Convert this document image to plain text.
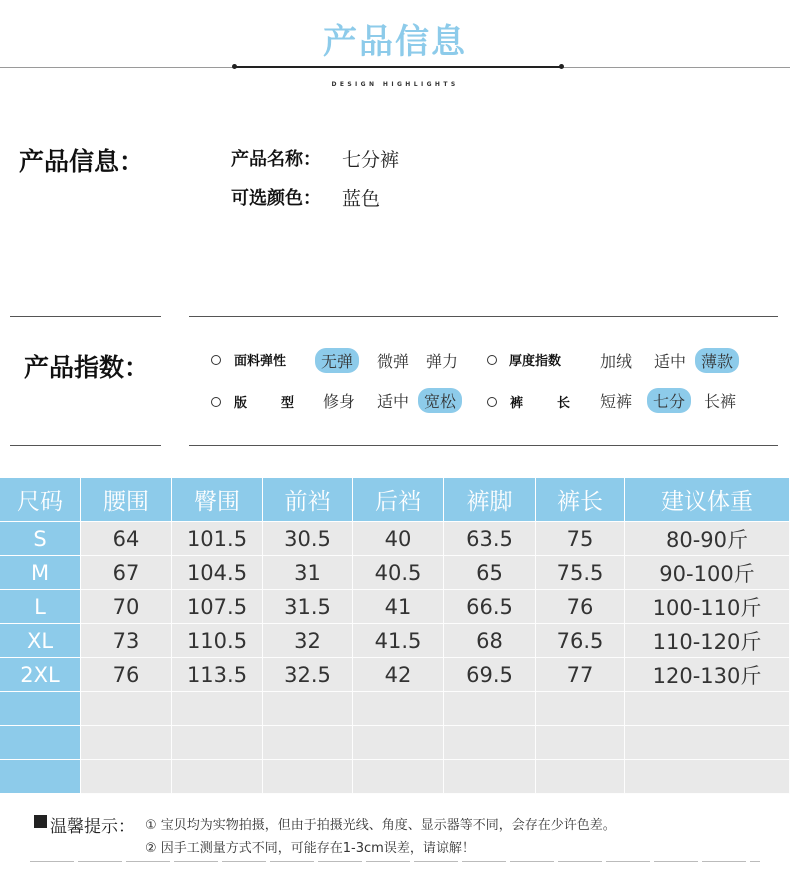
产品信息
DESIGN HIGHLIGHTS
产品信息：	产品名称： 七分裤
可选颜色： 蓝色
产品指数：	面料弹性	无弹	微弹 弹力	厚度指数 加绒 适中 薄款
版	型 修身 适中 宽松	裤	长 短裤	七分	长裤
尺码	腰围	臀围	前裆	后裆	裤脚	裤长	建议体重
S	64	101.5	30.5	40	63.5	75	80-90斤
M	67	104.5	31	40.5	65	75.5	90-100斤
L	70	107.5	31.5	41	66.5	76	100-110斤
XL	73	110.5	32	41.5	68	76.5	110-120斤
2XL	76	113.5	32.5	42	69.5	77	120-130斤
温馨提示： ① 宝贝均为实物拍摄，但由于拍摄光线、角度、显示器等不同，会存在少许色差。
② 因手工测量方式不同，可能存在1-3cm误差，请谅解！
